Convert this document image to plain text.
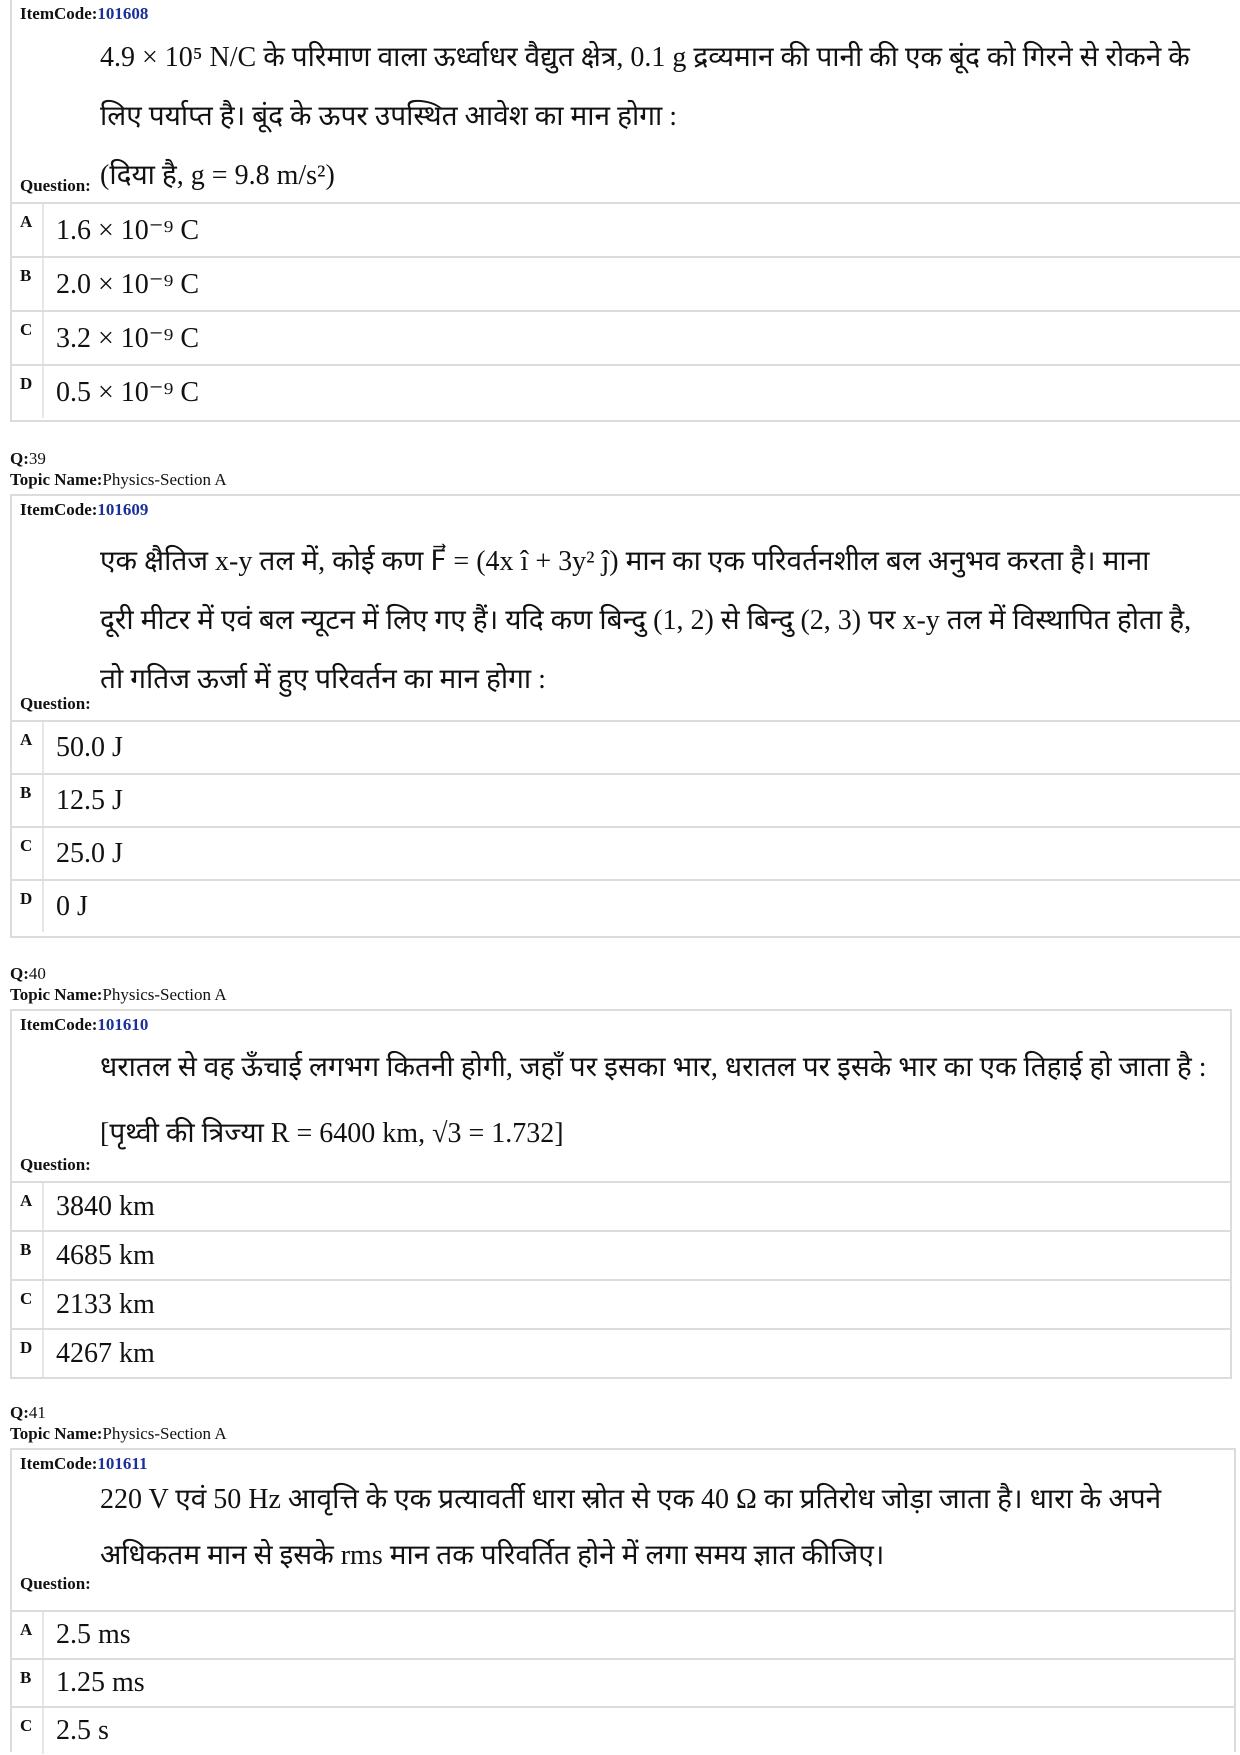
ItemCode:101608
4.9 × 10⁵ N/C के परिमाण वाला ऊर्ध्वाधर वैद्युत क्षेत्र, 0.1 g द्रव्यमान की पानी की एक बूंद को गिरने से रोकने के
लिए पर्याप्त है। बूंद के ऊपर उपस्थित आवेश का मान होगा :
(दिया है, g = 9.8 m/s²)
Question:
A 1.6 × 10⁻⁹ C
B 2.0 × 10⁻⁹ C
C 3.2 × 10⁻⁹ C
D 0.5 × 10⁻⁹ C
Q:39
Topic Name:Physics-Section A
ItemCode:101609
एक क्षैतिज x-y तल में, कोई कण F⃗ = (4x î + 3y² ĵ) मान का एक परिवर्तनशील बल अनुभव करता है। माना
दूरी मीटर में एवं बल न्यूटन में लिए गए हैं। यदि कण बिन्दु (1, 2) से बिन्दु (2, 3) पर x-y तल में विस्थापित होता है,
तो गतिज ऊर्जा में हुए परिवर्तन का मान होगा :
Question:
A 50.0 J
B 12.5 J
C 25.0 J
D 0 J
Q:40
Topic Name:Physics-Section A
ItemCode:101610
धरातल से वह ऊँचाई लगभग कितनी होगी, जहाँ पर इसका भार, धरातल पर इसके भार का एक तिहाई हो जाता है :
[पृथ्वी की त्रिज्या R = 6400 km, √3 = 1.732]
Question:
A 3840 km
B 4685 km
C 2133 km
D 4267 km
Q:41
Topic Name:Physics-Section A
ItemCode:101611
220 V एवं 50 Hz आवृत्ति के एक प्रत्यावर्ती धारा स्रोत से एक 40 Ω का प्रतिरोध जोड़ा जाता है। धारा के अपने
अधिकतम मान से इसके rms मान तक परिवर्तित होने में लगा समय ज्ञात कीजिए।
Question:
A 2.5 ms
B 1.25 ms
C 2.5 s
